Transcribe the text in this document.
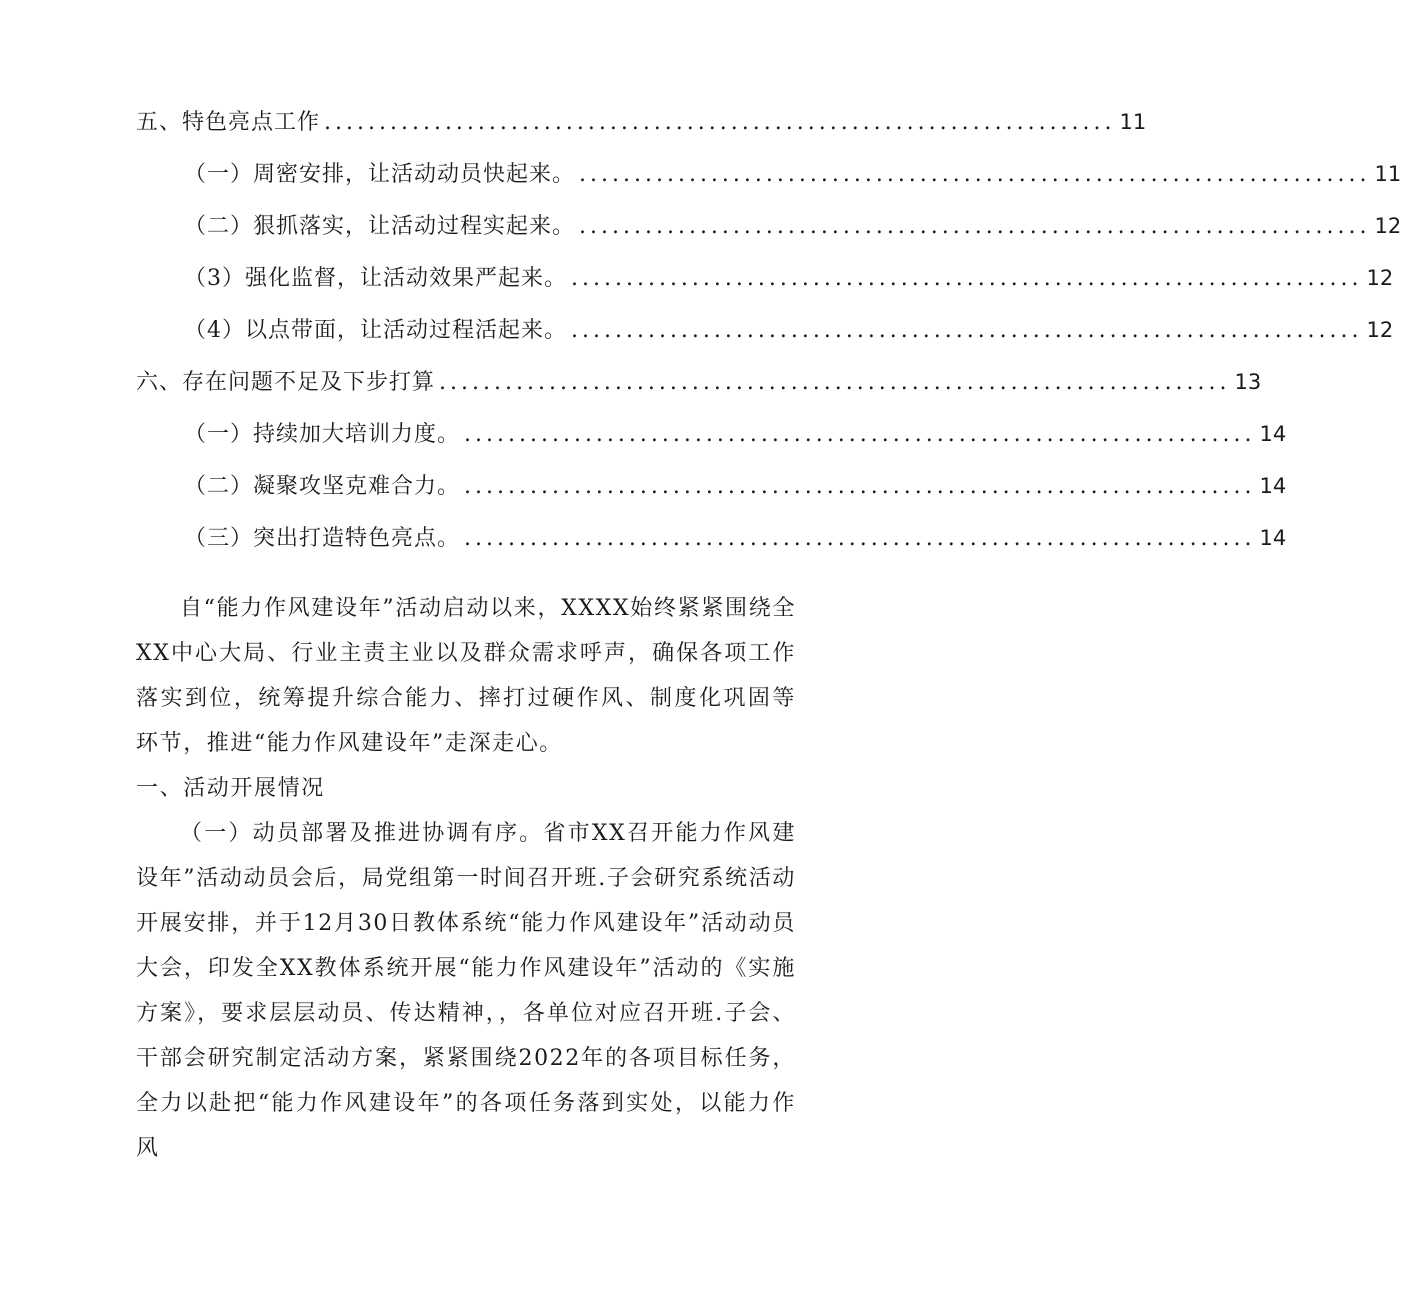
五、特色亮点工作 ........................................................................ 11
（一）周密安排，让活动动员快起来。 ........................................................................ 11
（二）狠抓落实，让活动过程实起来。 ........................................................................ 12
（3）强化监督，让活动效果严起来。 ........................................................................ 12
（4）以点带面，让活动过程活起来。 ........................................................................ 12
六、存在问题不足及下步打算 ........................................................................ 13
（一）持续加大培训力度。 ........................................................................ 14
（二）凝聚攻坚克难合力。 ........................................................................ 14
（三）突出打造特色亮点。 ........................................................................ 14

自“能力作风建设年”活动启动以来，XXXX始终紧紧围绕全XX中心大局、行业主责主业以及群众需求呼声，确保各项工作落实到位，统筹提升综合能力、摔打过硬作风、制度化巩固等环节，推进“能力作风建设年”走深走心。

一、活动开展情况

（一）动员部署及推进协调有序。省市XX召开能力作风建设年”活动动员会后，局党组第一时间召开班.子会研究系统活动开展安排，并于12月30日教体系统“能力作风建设年”活动动员大会，印发全XX教体系统开展“能力作风建设年”活动的《实施方案》，要求层层动员、传达精神，，各单位对应召开班.子会、干部会研究制定活动方案，紧紧围绕2022年的各项目标任务，全力以赴把“能力作风建设年”的各项任务落到实处，以能力作风
